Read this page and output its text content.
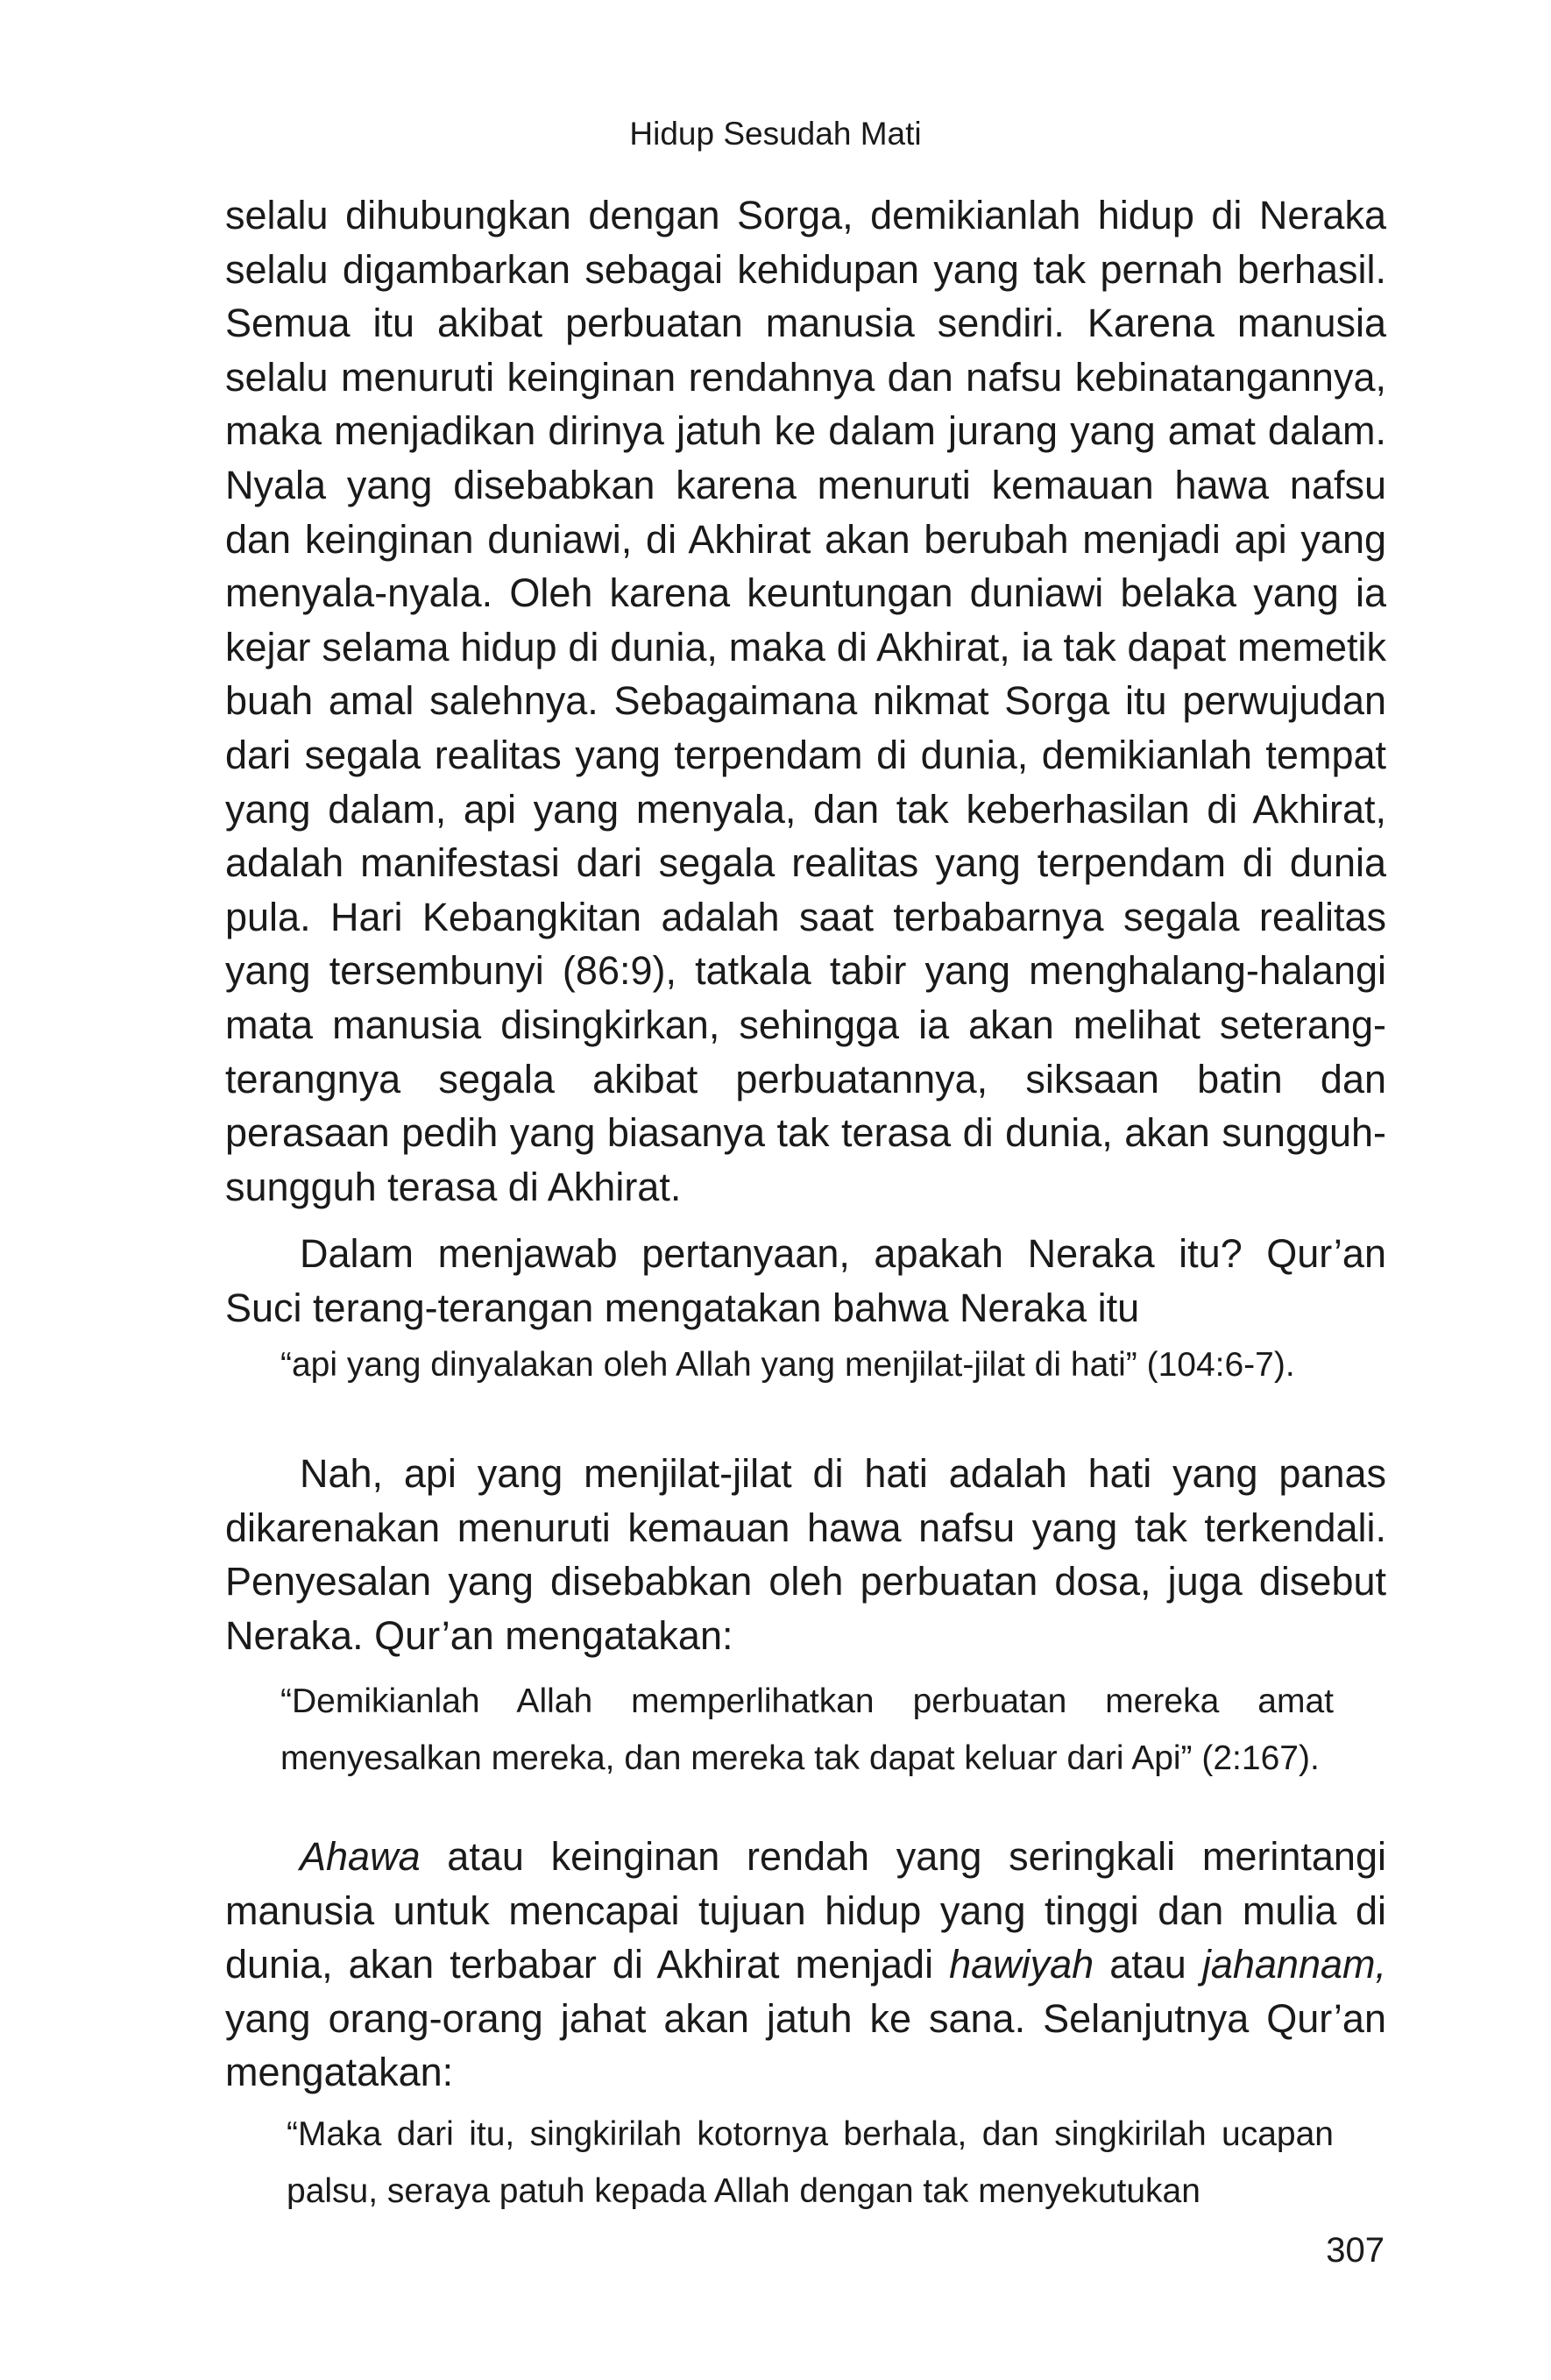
Hidup Sesudah Mati

selalu dihubungkan dengan Sorga, demikianlah hidup di Neraka selalu digambarkan sebagai kehidupan yang tak pernah berhasil. Semua itu akibat perbuatan manusia sendiri. Karena manusia selalu menuruti keinginan rendahnya dan nafsu kebinatangannya, maka menjadikan dirinya jatuh ke dalam jurang yang amat dalam. Nyala yang disebabkan karena menuruti kemauan hawa nafsu dan keinginan duniawi, di Akhirat akan berubah menjadi api yang menyala-nyala. Oleh karena keuntungan duniawi belaka yang ia kejar selama hidup di dunia, maka di Akhirat, ia tak dapat memetik buah amal salehnya. Sebagaimana nikmat Sorga itu perwujudan dari segala realitas yang terpendam di dunia, demikianlah tempat yang dalam, api yang menyala, dan tak keberhasilan di Akhirat, adalah manifestasi dari segala realitas yang terpendam di dunia pula. Hari Kebangkitan adalah saat terbabarnya segala realitas yang tersembunyi (86:9), tatkala tabir yang menghalang-halangi mata manusia disingkirkan, sehingga ia akan melihat seterang-terangnya segala akibat perbuatannya, siksaan batin dan perasaan pedih yang biasanya tak terasa di dunia, akan sungguh-sungguh terasa di Akhirat.

Dalam menjawab pertanyaan, apakah Neraka itu? Qur’an Suci terang-terangan mengatakan bahwa Neraka itu

“api yang dinyalakan oleh Allah yang menjilat-jilat di hati” (104:6-7).

Nah, api yang menjilat-jilat di hati adalah hati yang panas dikarenakan menuruti kemauan hawa nafsu yang tak terkendali. Penyesalan yang disebabkan oleh perbuatan dosa, juga disebut Neraka. Qur’an mengatakan:

“Demikianlah Allah memperlihatkan perbuatan mereka amat menyesalkan mereka, dan mereka tak dapat keluar dari Api” (2:167).

Ahawa atau keinginan rendah yang seringkali merintangi manusia untuk mencapai tujuan hidup yang tinggi dan mulia di dunia, akan terbabar di Akhirat menjadi hawiyah atau jahannam, yang orang-orang jahat akan jatuh ke sana. Selanjutnya Qur’an mengatakan:

“Maka dari itu, singkirilah kotornya berhala, dan singkirilah ucapan palsu, seraya patuh kepada Allah dengan tak menyekutukan

307
